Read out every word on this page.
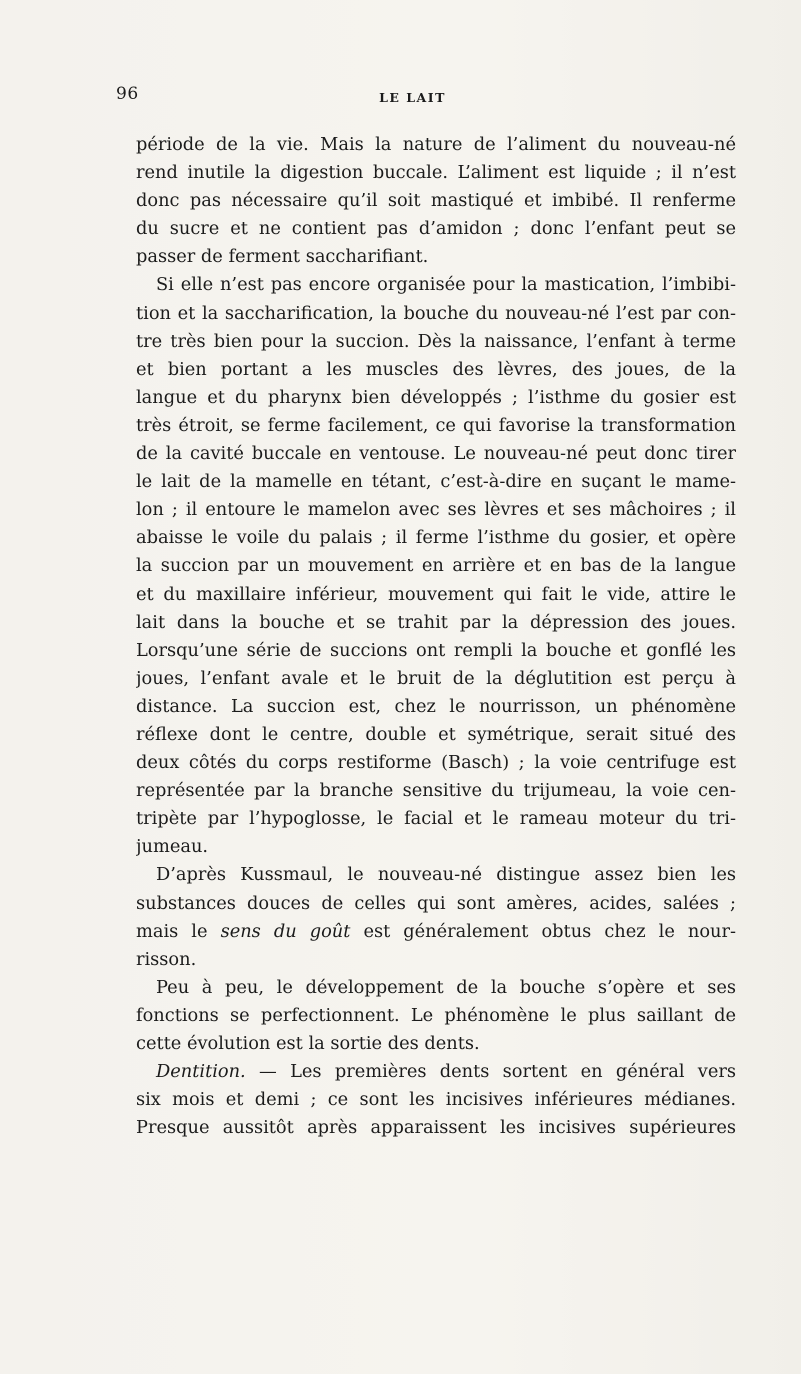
96	LE LAIT
période de la vie. Mais la nature de l’aliment du nouveau-né
rend inutile la digestion buccale. L’aliment est liquide ; il n’est
donc pas nécessaire qu’il soit mastiqué et imbibé. Il renferme
du sucre et ne contient pas d’amidon ; donc l’enfant peut se
passer de ferment saccharifiant.
Si elle n’est pas encore organisée pour la mastication, l’imbibi-
tion et la saccharification, la bouche du nouveau-né l’est par con-
tre très bien pour la succion. Dès la naissance, l’enfant à terme
et bien portant a les muscles des lèvres, des joues, de la
langue et du pharynx bien développés ; l’isthme du gosier est
très étroit, se ferme facilement, ce qui favorise la transformation
de la cavité buccale en ventouse. Le nouveau-né peut donc tirer
le lait de la mamelle en tétant, c’est-à-dire en suçant le mame-
lon ; il entoure le mamelon avec ses lèvres et ses mâchoires ; il
abaisse le voile du palais ; il ferme l’isthme du gosier, et opère
la succion par un mouvement en arrière et en bas de la langue
et du maxillaire inférieur, mouvement qui fait le vide, attire le
lait dans la bouche et se trahit par la dépression des joues.
Lorsqu’une série de succions ont rempli la bouche et gonflé les
joues, l’enfant avale et le bruit de la déglutition est perçu à
distance. La succion est, chez le nourrisson, un phénomène
réflexe dont le centre, double et symétrique, serait situé des
deux côtés du corps restiforme (Basch) ; la voie centrifuge est
représentée par la branche sensitive du trijumeau, la voie cen-
tripète par l’hypoglosse, le facial et le rameau moteur du tri-
jumeau.
D’après Kussmaul, le nouveau-né distingue assez bien les
substances douces de celles qui sont amères, acides, salées ;
mais le sens du goût est généralement obtus chez le nour-
risson.
Peu à peu, le développement de la bouche s’opère et ses
fonctions se perfectionnent. Le phénomène le plus saillant de
cette évolution est la sortie des dents.
Dentition. — Les premières dents sortent en général vers
six mois et demi ; ce sont les incisives inférieures médianes.
Presque aussitôt après apparaissent les incisives supérieures
